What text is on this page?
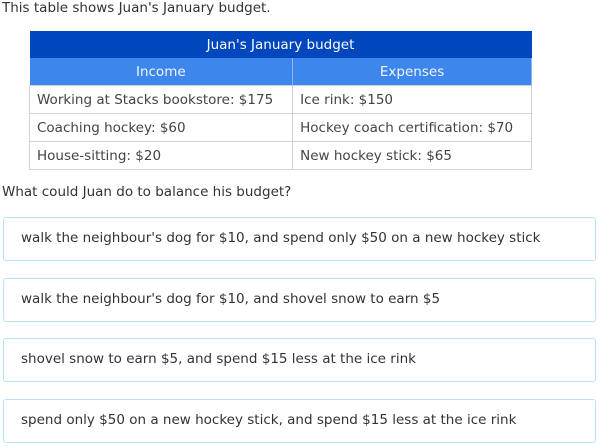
This table shows Juan's January budget.
Juan's January budget	
Income	Expenses
Working at Stacks bookstore: $175	Ice rink: $150
Coaching hockey: $60	Hockey coach certification: $70
House-sitting: $20	New hockey stick: $65
What could Juan do to balance his budget?
walk the neighbour's dog for $10, and spend only $50 on a new hockey stick
walk the neighbour's dog for $10, and shovel snow to earn $5
shovel snow to earn $5, and spend $15 less at the ice rink
spend only $50 on a new hockey stick, and spend $15 less at the ice rink
